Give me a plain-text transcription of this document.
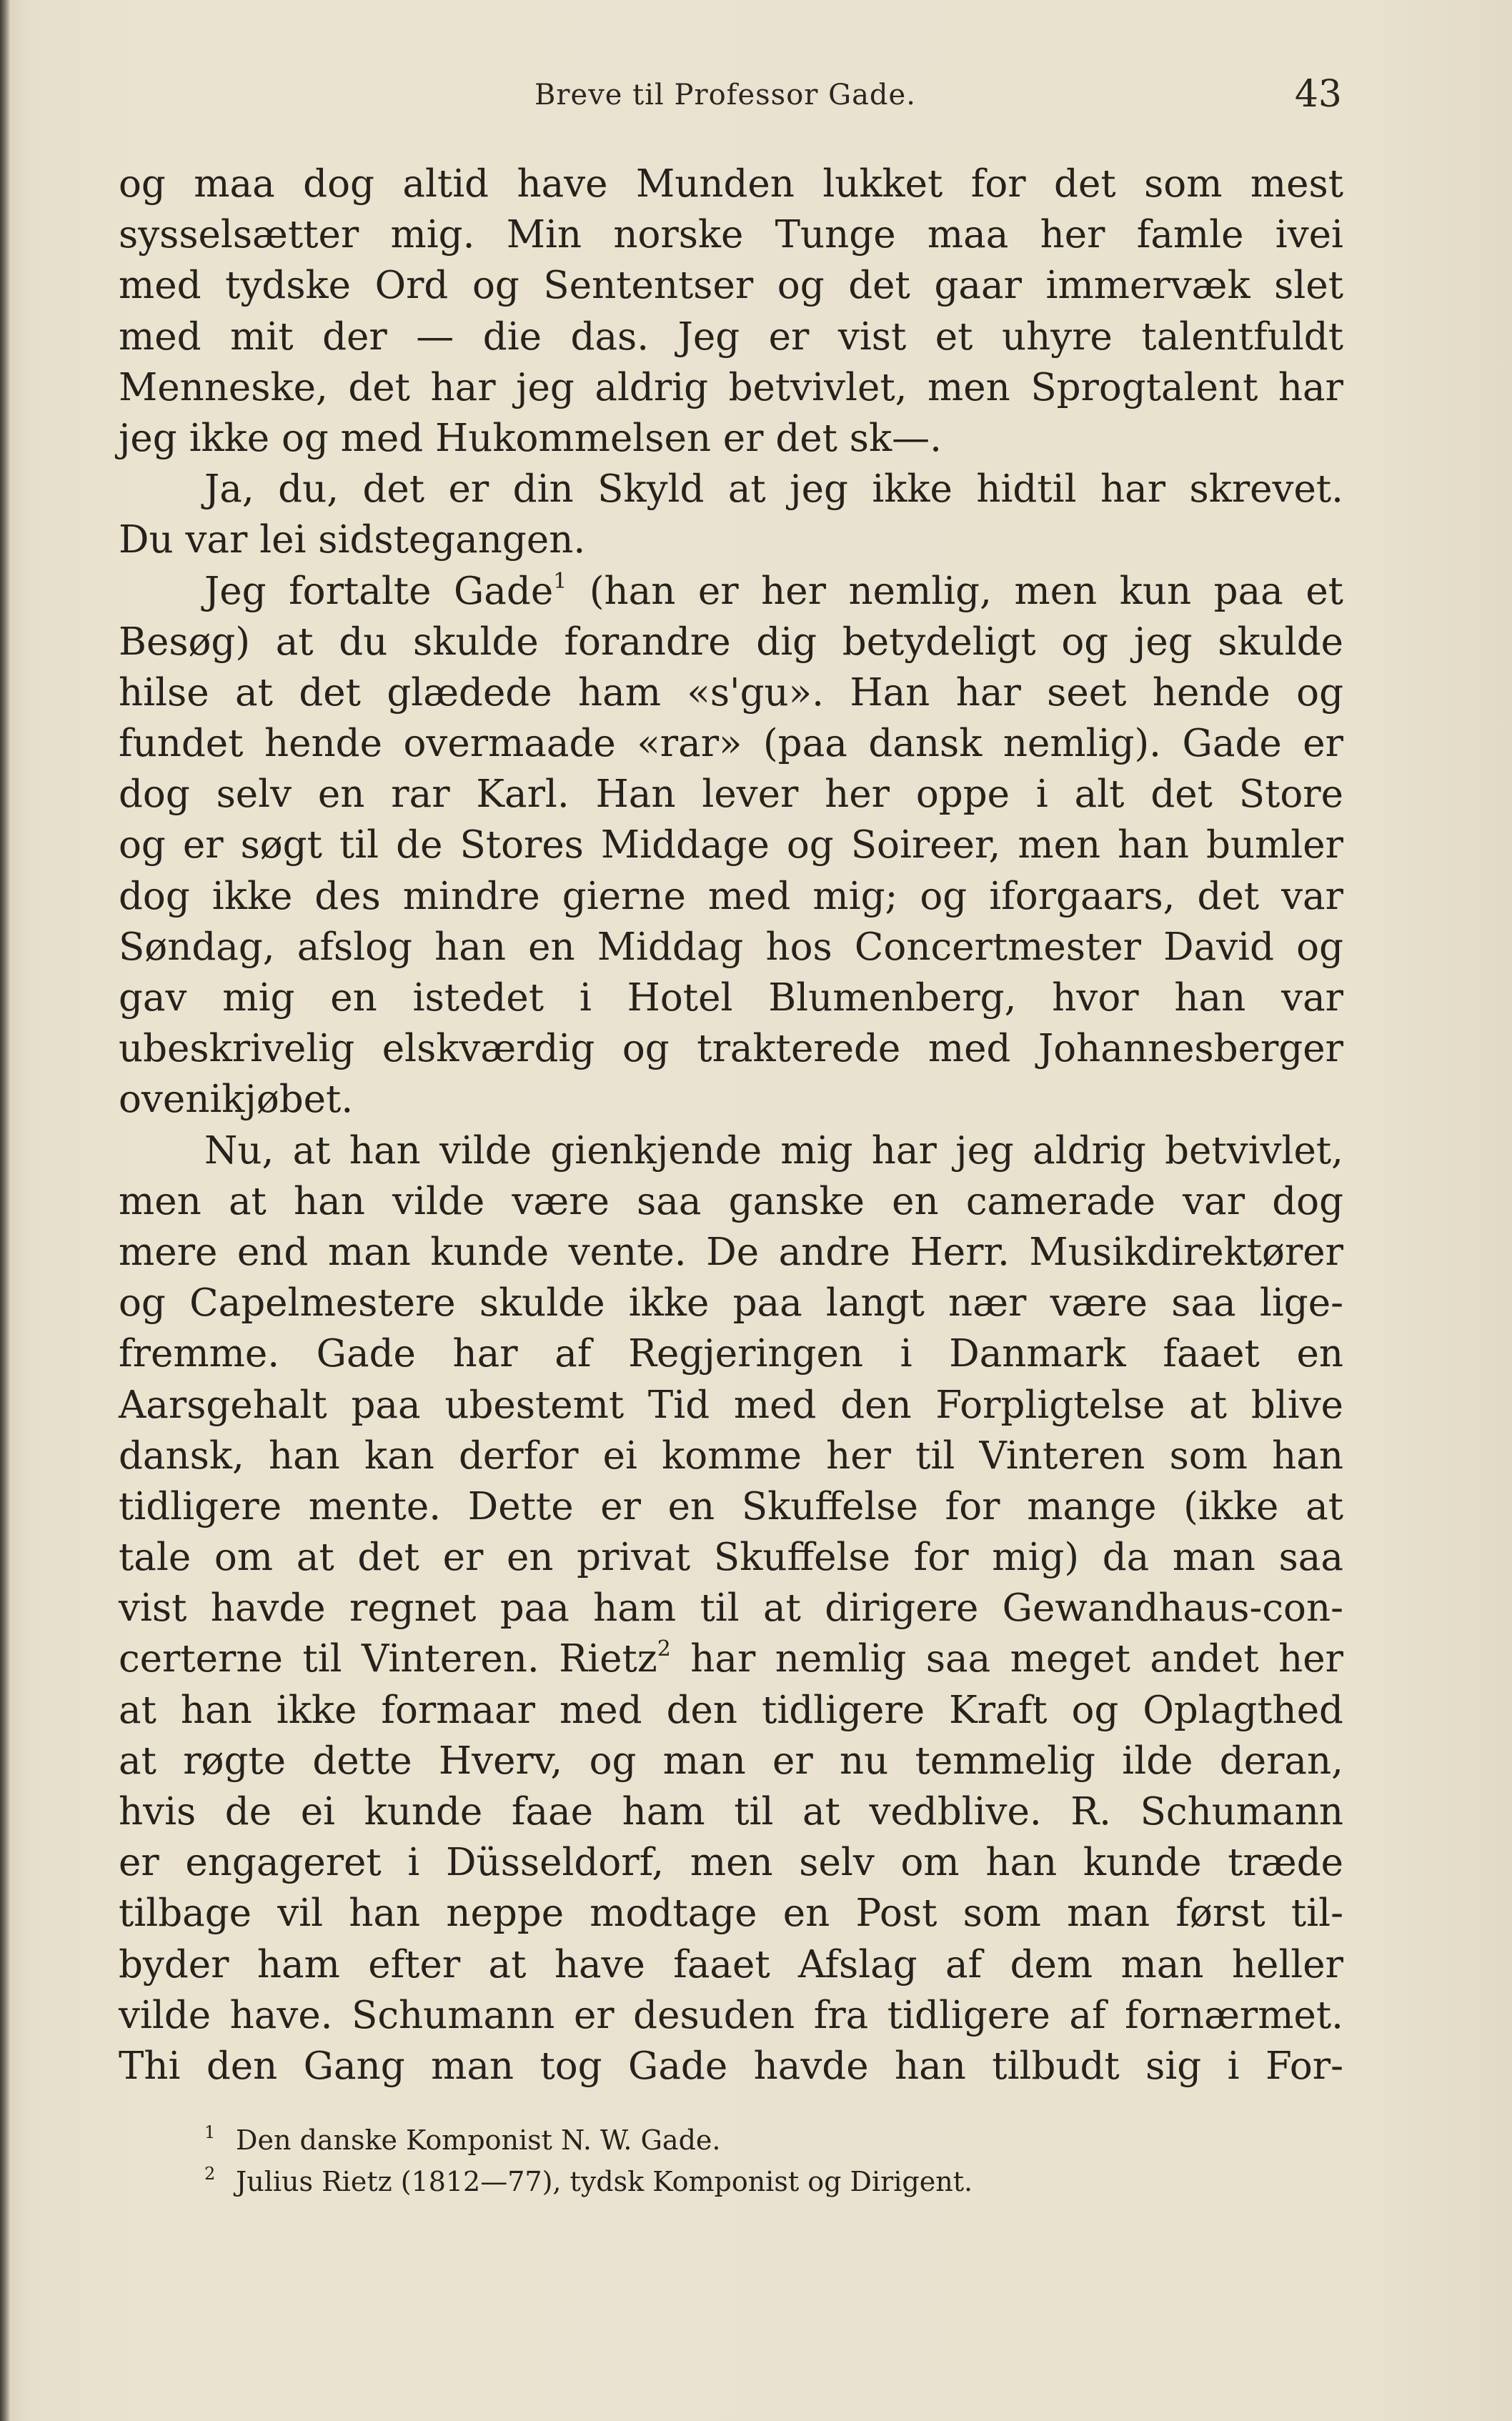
Breve til Professor Gade.	43
og maa dog altid have Munden lukket for det som mest
sysselsætter mig. Min norske Tunge maa her famle ivei
med tydske Ord og Sententser og det gaar immervæk slet
med mit der — die das. Jeg er vist et uhyre talentfuldt
Menneske, det har jeg aldrig betvivlet, men Sprogtalent har
jeg ikke og med Hukommelsen er det sk—.
Ja, du, det er din Skyld at jeg ikke hidtil har skrevet.
Du var lei sidstegangen.
Jeg fortalte Gade$^1$ (han er her nemlig, men kun paa et
Besøg) at du skulde forandre dig betydeligt og jeg skulde
hilse at det glædede ham «s'gu». Han har seet hende og
fundet hende overmaade «rar» (paa dansk nemlig). Gade er
dog selv en rar Karl. Han lever her oppe i alt det Store
og er søgt til de Stores Middage og Soireer, men han bumler
dog ikke des mindre gierne med mig; og iforgaars, det var
Søndag, afslog han en Middag hos Concertmester David og
gav mig en istedet i Hotel Blumenberg, hvor han var
ubeskrivelig elskværdig og trakterede med Johannesberger
ovenikjøbet.
Nu, at han vilde gienkjende mig har jeg aldrig betvivlet,
men at han vilde være saa ganske en camerade var dog
mere end man kunde vente. De andre Herr. Musikdirektører
og Capelmestere skulde ikke paa langt nær være saa lige-
fremme. Gade har af Regjeringen i Danmark faaet en
Aarsgehalt paa ubestemt Tid med den Forpligtelse at blive
dansk, han kan derfor ei komme her til Vinteren som han
tidligere mente. Dette er en Skuffelse for mange (ikke at
tale om at det er en privat Skuffelse for mig) da man saa
vist havde regnet paa ham til at dirigere Gewandhaus-con-
certerne til Vinteren. Rietz$^2$ har nemlig saa meget andet her
at han ikke formaar med den tidligere Kraft og Oplagthed
at røgte dette Hverv, og man er nu temmelig ilde deran,
hvis de ei kunde faae ham til at vedblive. R. Schumann
er engageret i Düsseldorf, men selv om han kunde træde
tilbage vil han neppe modtage en Post som man først til-
byder ham efter at have faaet Afslag af dem man heller
vilde have. Schumann er desuden fra tidligere af fornærmet.
Thi den Gang man tog Gade havde han tilbudt sig i For-
$^1$ Den danske Komponist N. W. Gade.
$^2$ Julius Rietz (1812—77), tydsk Komponist og Dirigent.
